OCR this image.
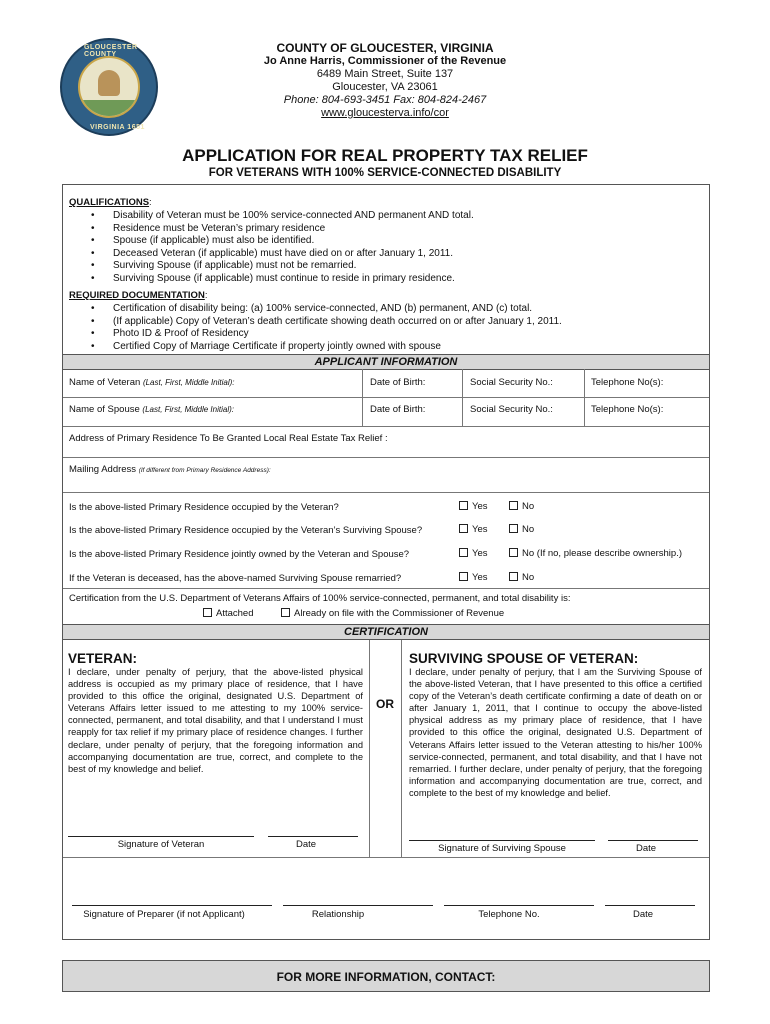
GLOUCESTER COUNTY
VIRGINIA 1651
COUNTY OF GLOUCESTER, VIRGINIA
Jo Anne Harris, Commissioner of the Revenue
6489 Main Street, Suite 137
Gloucester, VA 23061
Phone: 804-693-3451 Fax: 804-824-2467
www.gloucesterva.info/cor
APPLICATION FOR REAL PROPERTY TAX RELIEF
FOR VETERANS WITH 100% SERVICE-CONNECTED DISABILITY
QUALIFICATIONS:
• Disability of Veteran must be 100% service-connected AND permanent AND total.
• Residence must be Veteran’s primary residence
• Spouse (if applicable) must also be identified.
• Deceased Veteran (if applicable) must have died on or after January 1, 2011.
• Surviving Spouse (if applicable) must not be remarried.
• Surviving Spouse (if applicable) must continue to reside in primary residence.
REQUIRED DOCUMENTATION:
• Certification of disability being: (a) 100% service-connected, AND (b) permanent, AND (c) total.
• (If applicable) Copy of Veteran’s death certificate showing death occurred on or after January 1, 2011.
• Photo ID & Proof of Residency
• Certified Copy of Marriage Certificate if property jointly owned with spouse
APPLICANT INFORMATION
Name of Veteran (Last, First, Middle Initial):	Date of Birth:	Social Security No.:	Telephone No(s):
Name of Spouse (Last, First, Middle Initial):	Date of Birth:	Social Security No.:	Telephone No(s):
Address of Primary Residence To Be Granted Local Real Estate Tax Relief :
Mailing Address (If different from Primary Residence Address):
Is the above-listed Primary Residence occupied by the Veteran?	Yes	No
Is the above-listed Primary Residence occupied by the Veteran’s Surviving Spouse?	Yes	No
Is the above-listed Primary Residence jointly owned by the Veteran and Spouse?	Yes	No (If no, please describe ownership.)
If the Veteran is deceased, has the above-named Surviving Spouse remarried?	Yes	No
Certification from the U.S. Department of Veterans Affairs of 100% service-connected, permanent, and total disability is:
Attached	Already on file with the Commissioner of Revenue
CERTIFICATION
VETERAN:
I declare, under penalty of perjury, that the above-listed physical address is occupied as my primary place of residence, that I have provided to this office the original, designated U.S. Department of Veterans Affairs letter issued to me attesting to my 100% service-connected, permanent, and total disability, and that I understand I must reapply for tax relief if my primary place of residence changes. I further declare, under penalty of perjury, that the foregoing information and accompanying documentation are true, correct, and complete to the best of my knowledge and belief.
OR
SURVIVING SPOUSE OF VETERAN:
I declare, under penalty of perjury, that I am the Surviving Spouse of the above-listed Veteran, that I have presented to this office a certified copy of the Veteran’s death certificate confirming a date of death on or after January 1, 2011, that I continue to occupy the above-listed physical address as my primary place of residence, that I have provided to this office the original, designated U.S. Department of Veterans Affairs letter issued to the Veteran attesting to his/her 100% service-connected, permanent, and total disability, and that I have not remarried. I further declare, under penalty of perjury, that the foregoing information and accompanying documentation are true, correct, and complete to the best of my knowledge and belief.
Signature of Veteran	Date	Signature of Surviving Spouse	Date
Signature of Preparer (if not Applicant)	Relationship	Telephone No.	Date
FOR MORE INFORMATION, CONTACT:
